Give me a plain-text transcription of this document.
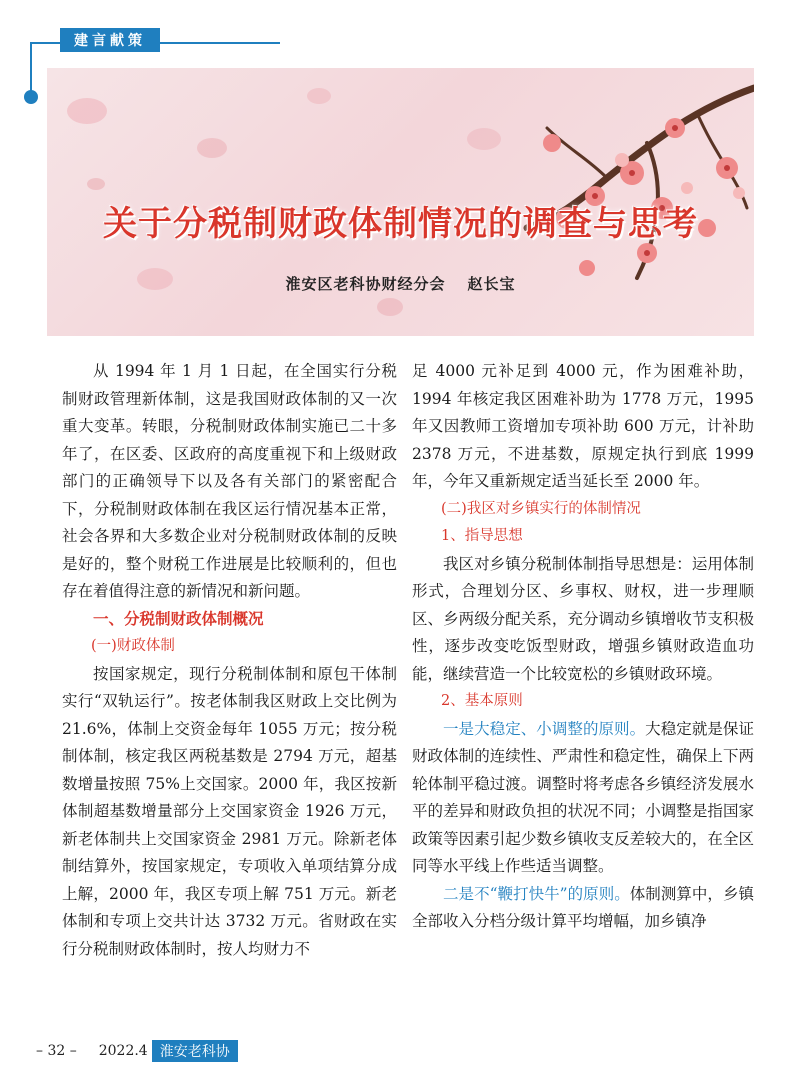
建言献策
关于分税制财政体制情况的调查与思考
淮安区老科协财经分会 赵长宝

从 1994 年 1 月 1 日起，在全国实行分税制财政管理新体制，这是我国财政体制的又一次重大变革。转眼，分税制财政体制实施已二十多年了，在区委、区政府的高度重视下和上级财政部门的正确领导下以及各有关部门的紧密配合下，分税制财政体制在我区运行情况基本正常，社会各界和大多数企业对分税制财政体制的反映是好的，整个财税工作进展是比较顺利的，但也存在着值得注意的新情况和新问题。

一、分税制财政体制概况

(一)财政体制

按国家规定，现行分税制体制和原包干体制实行“双轨运行”。按老体制我区财政上交比例为 21.6%，体制上交资金每年 1055 万元；按分税制体制，核定我区两税基数是 2794 万元，超基数增量按照 75%上交国家。2000 年，我区按新体制超基数增量部分上交国家资金 1926 万元，新老体制共上交国家资金 2981 万元。除新老体制结算外，按国家规定，专项收入单项结算分成上解，2000 年，我区专项上解 751 万元。新老体制和专项上交共计达 3732 万元。省财政在实行分税制财政体制时，按人均财力不

足 4000 元补足到 4000 元，作为困难补助，1994 年核定我区困难补助为 1778 万元，1995 年又因教师工资增加专项补助 600 万元，计补助 2378 万元，不进基数，原规定执行到底 1999 年，今年又重新规定适当延长至 2000 年。

(二)我区对乡镇实行的体制情况

1、指导思想

我区对乡镇分税制体制指导思想是：运用体制形式，合理划分区、乡事权、财权，进一步理顺区、乡两级分配关系，充分调动乡镇增收节支积极性，逐步改变吃饭型财政，增强乡镇财政造血功能，继续营造一个比较宽松的乡镇财政环境。

2、基本原则

一是大稳定、小调整的原则。大稳定就是保证财政体制的连续性、严肃性和稳定性，确保上下两轮体制平稳过渡。调整时将考虑各乡镇经济发展水平的差异和财政负担的状况不同；小调整是指国家政策等因素引起少数乡镇收支反差较大的，在全区同等水平线上作些适当调整。

二是不“鞭打快牛”的原则。体制测算中，乡镇全部收入分档分级计算平均增幅，加乡镇净

– 32 – 2022.4 淮安老科协
